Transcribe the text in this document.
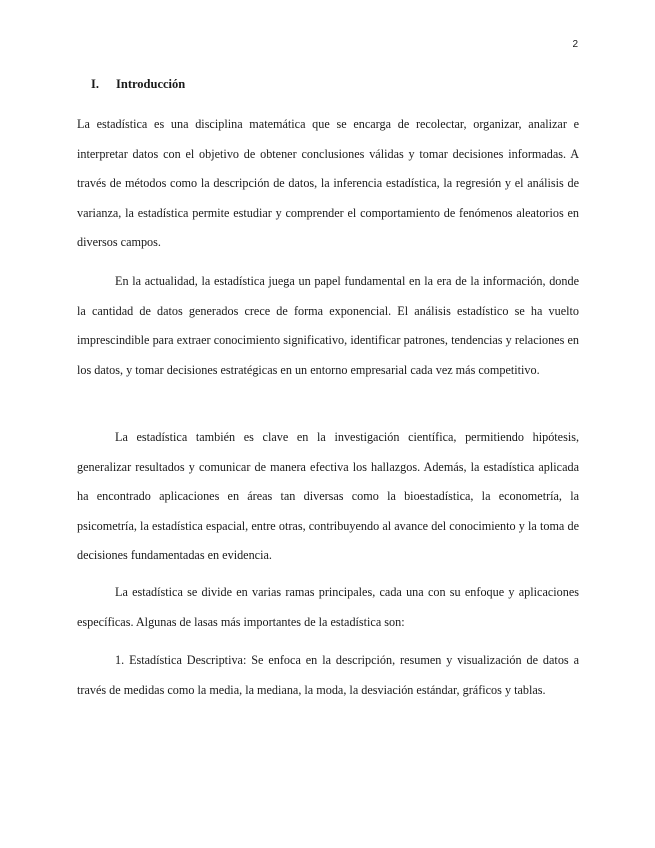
2
I. Introducción

La estadística es una disciplina matemática que se encarga de recolectar, organizar, analizar e interpretar datos con el objetivo de obtener conclusiones válidas y tomar decisiones informadas. A través de métodos como la descripción de datos, la inferencia estadística, la regresión y el análisis de varianza, la estadística permite estudiar y comprender el comportamiento de fenómenos aleatorios en diversos campos.

En la actualidad, la estadística juega un papel fundamental en la era de la información, donde la cantidad de datos generados crece de forma exponencial. El análisis estadístico se ha vuelto imprescindible para extraer conocimiento significativo, identificar patrones, tendencias y relaciones en los datos, y tomar decisiones estratégicas en un entorno empresarial cada vez más competitivo.

La estadística también es clave en la investigación científica, permitiendo hipótesis, generalizar resultados y comunicar de manera efectiva los hallazgos. Además, la estadística aplicada ha encontrado aplicaciones en áreas tan diversas como la bioestadística, la econometría, la psicometría, la estadística espacial, entre otras, contribuyendo al avance del conocimiento y la toma de decisiones fundamentadas en evidencia.

La estadística se divide en varias ramas principales, cada una con su enfoque y aplicaciones específicas. Algunas de lasas más importantes de la estadística son:

1. Estadística Descriptiva: Se enfoca en la descripción, resumen y visualización de datos a través de medidas como la media, la mediana, la moda, la desviación estándar, gráficos y tablas.
